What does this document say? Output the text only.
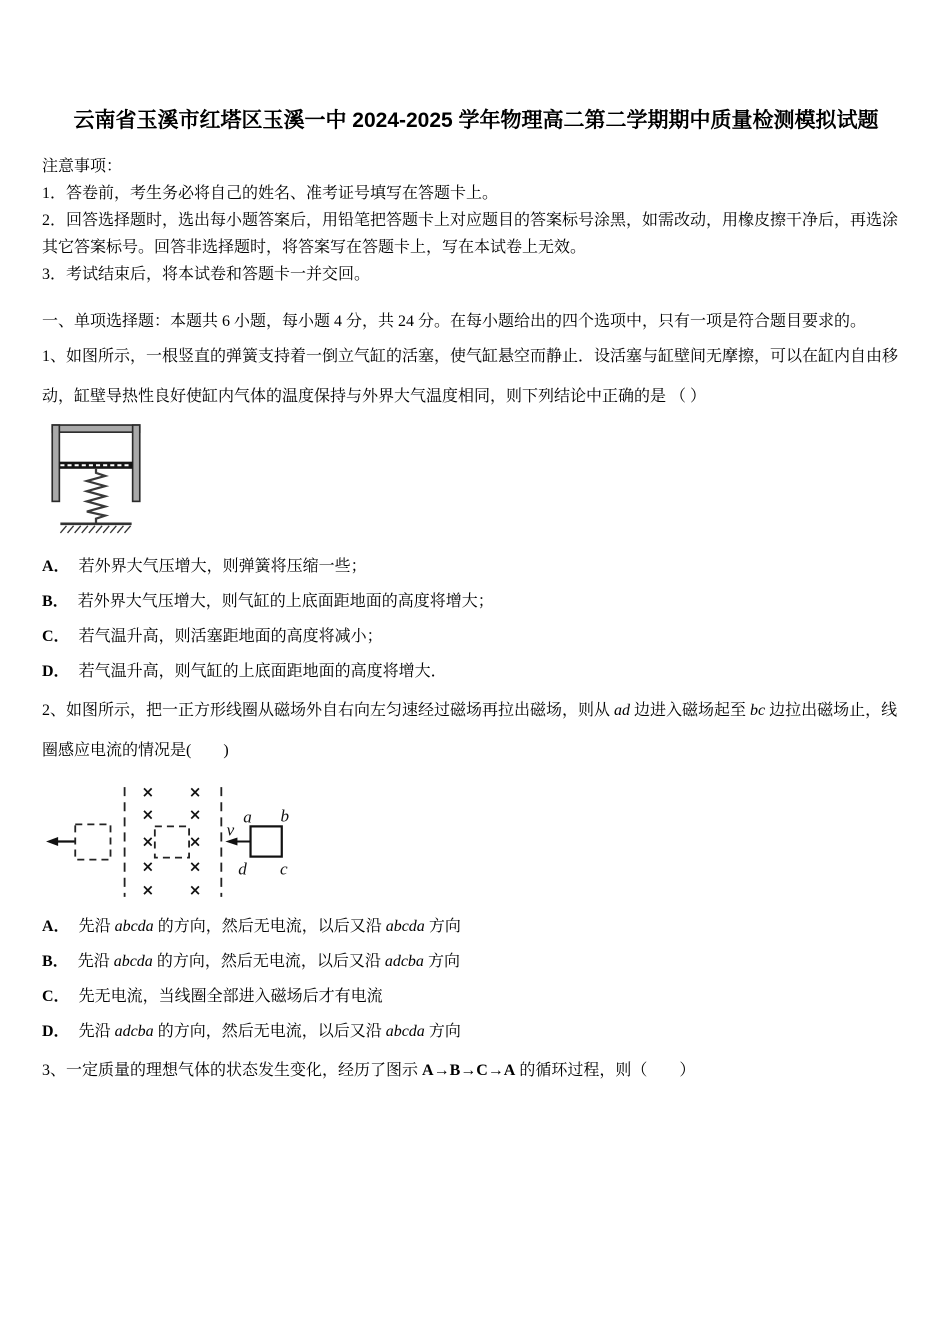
云南省玉溪市红塔区玉溪一中 2024-2025 学年物理高二第二学期期中质量检测模拟试题

注意事项：

1．答卷前，考生务必将自己的姓名、准考证号填写在答题卡上。

2．回答选择题时，选出每小题答案后，用铅笔把答题卡上对应题目的答案标号涂黑，如需改动，用橡皮擦干净后，再选涂其它答案标号。回答非选择题时，将答案写在答题卡上，写在本试卷上无效。

3．考试结束后，将本试卷和答题卡一并交回。

一、单项选择题：本题共 6 小题，每小题 4 分，共 24 分。在每小题给出的四个选项中，只有一项是符合题目要求的。

1、如图所示，一根竖直的弹簧支持着一倒立气缸的活塞，使气缸悬空而静止．设活塞与缸壁间无摩擦，可以在缸内自由移动，缸壁导热性良好使缸内气体的温度保持与外界大气温度相同，则下列结论中正确的是 （ ）

A． 若外界大气压增大，则弹簧将压缩一些；
B． 若外界大气压增大，则气缸的上底面距地面的高度将增大；
C． 若气温升高，则活塞距地面的高度将减小；
D． 若气温升高，则气缸的上底面距地面的高度将增大．

2、如图所示，把一正方形线圈从磁场外自右向左匀速经过磁场再拉出磁场，则从 ad 边进入磁场起至 bc 边拉出磁场止，线圈感应电流的情况是(　　)

× ×
× ×
× ×
× ×
× ×
v
a b
d c
A． 先沿 abcda 的方向，然后无电流，以后又沿 abcda 方向
B． 先沿 abcda 的方向，然后无电流，以后又沿 adcba 方向
C． 先无电流，当线圈全部进入磁场后才有电流
D． 先沿 adcba 的方向，然后无电流，以后又沿 abcda 方向

3、一定质量的理想气体的状态发生变化，经历了图示 A→B→C→A 的循环过程，则（　　）
